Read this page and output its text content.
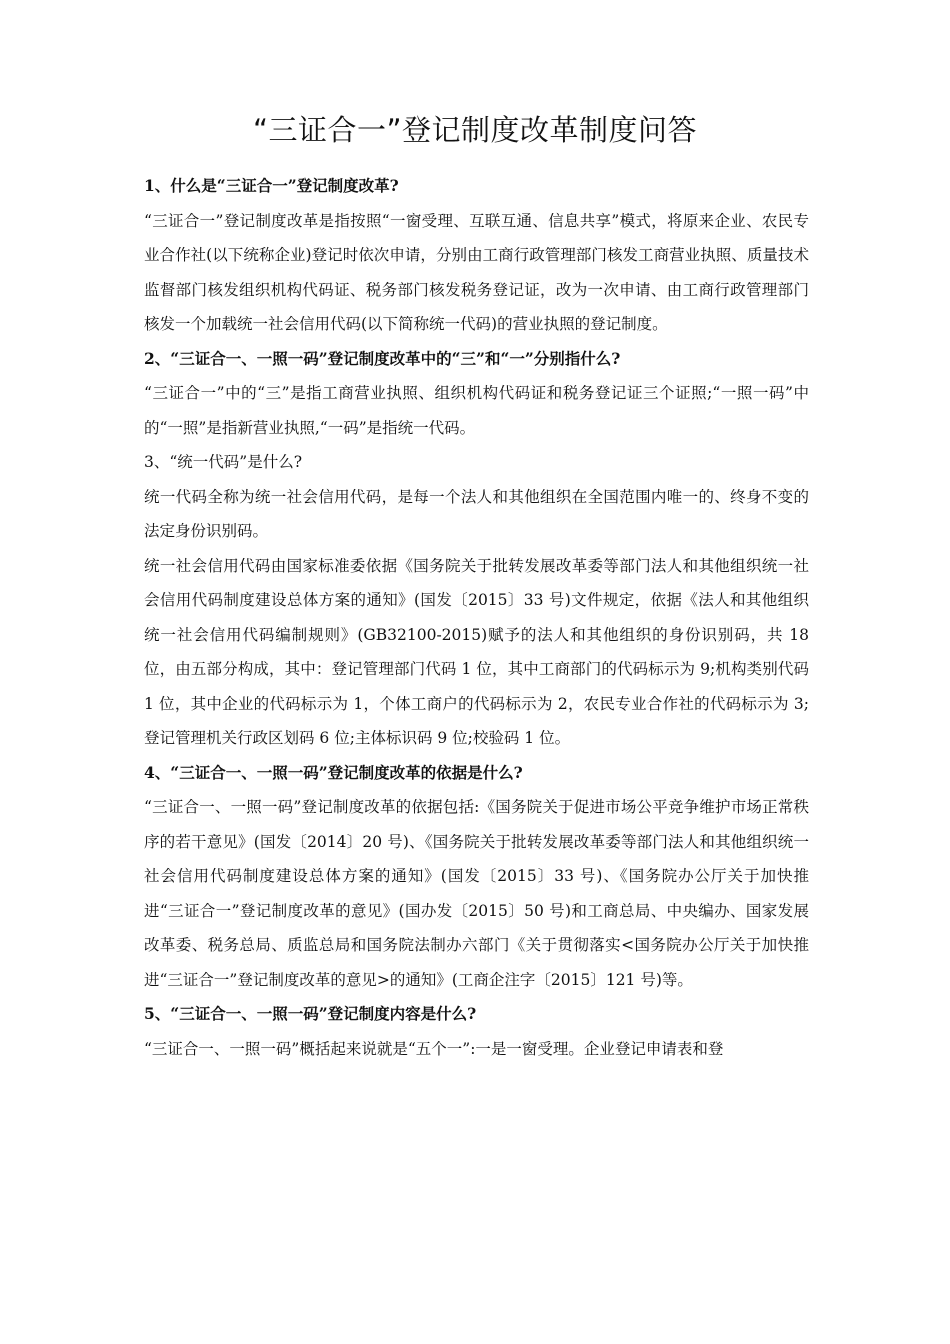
“三证合一”登记制度改革制度问答

1、什么是“三证合一”登记制度改革?

“三证合一”登记制度改革是指按照“一窗受理、互联互通、信息共享”模式，将原来企业、农民专业合作社(以下统称企业)登记时依次申请，分别由工商行政管理部门核发工商营业执照、质量技术监督部门核发组织机构代码证、税务部门核发税务登记证，改为一次申请、由工商行政管理部门核发一个加载统一社会信用代码(以下简称统一代码)的营业执照的登记制度。

2、“三证合一、一照一码”登记制度改革中的“三”和“一”分别指什么?

“三证合一”中的“三”是指工商营业执照、组织机构代码证和税务登记证三个证照;“一照一码”中的“一照”是指新营业执照,“一码”是指统一代码。

3、“统一代码”是什么?

统一代码全称为统一社会信用代码，是每一个法人和其他组织在全国范围内唯一的、终身不变的法定身份识别码。

统一社会信用代码由国家标准委依据《国务院关于批转发展改革委等部门法人和其他组织统一社会信用代码制度建设总体方案的通知》(国发〔2015〕33 号)文件规定，依据《法人和其他组织统一社会信用代码编制规则》(GB32100-2015)赋予的法人和其他组织的身份识别码，共 18 位，由五部分构成，其中：登记管理部门代码 1 位，其中工商部门的代码标示为 9;机构类别代码 1 位，其中企业的代码标示为 1，个体工商户的代码标示为 2，农民专业合作社的代码标示为 3;登记管理机关行政区划码 6 位;主体标识码 9 位;校验码 1 位。

4、“三证合一、一照一码”登记制度改革的依据是什么?

“三证合一、一照一码”登记制度改革的依据包括:《国务院关于促进市场公平竞争维护市场正常秩序的若干意见》(国发〔2014〕20 号)、《国务院关于批转发展改革委等部门法人和其他组织统一社会信用代码制度建设总体方案的通知》(国发〔2015〕33 号)、《国务院办公厅关于加快推进“三证合一”登记制度改革的意见》(国办发〔2015〕50 号)和工商总局、中央编办、国家发展改革委、税务总局、质监总局和国务院法制办六部门《关于贯彻落实<国务院办公厅关于加快推进“三证合一”登记制度改革的意见>的通知》(工商企注字〔2015〕121 号)等。

5、“三证合一、一照一码”登记制度内容是什么?

“三证合一、一照一码”概括起来说就是“五个一”:一是一窗受理。企业登记申请表和登
